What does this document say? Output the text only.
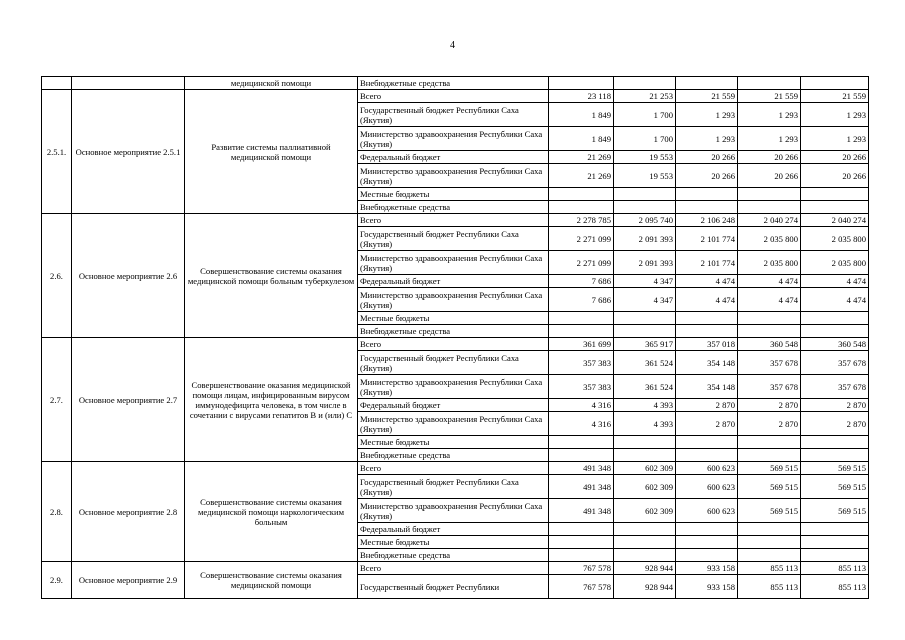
4
		медицинской помощи	Внебюджетные средства					
2.5.1.	Основное мероприятие 2.5.1	Развитие системы паллиативной медицинской помощи	Всего	23 118	21 253	21 559	21 559	21 559
			Государственный бюджет Республики Саха (Якутия)	1 849	1 700	1 293	1 293	1 293
			Министерство здравоохранения Республики Саха (Якутия)	1 849	1 700	1 293	1 293	1 293
			Федеральный бюджет	21 269	19 553	20 266	20 266	20 266
			Министерство здравоохранения Республики Саха (Якутия)	21 269	19 553	20 266	20 266	20 266
			Местные бюджеты					
			Внебюджетные средства					
2.6.	Основное мероприятие 2.6	Совершенствование системы оказания медицинской помощи больным туберкулезом	Всего	2 278 785	2 095 740	2 106 248	2 040 274	2 040 274
			Государственный бюджет Республики Саха (Якутия)	2 271 099	2 091 393	2 101 774	2 035 800	2 035 800
			Министерство здравоохранения Республики Саха (Якутия)	2 271 099	2 091 393	2 101 774	2 035 800	2 035 800
			Федеральный бюджет	7 686	4 347	4 474	4 474	4 474
			Министерство здравоохранения Республики Саха (Якутия)	7 686	4 347	4 474	4 474	4 474
			Местные бюджеты					
			Внебюджетные средства					
2.7.	Основное мероприятие 2.7	Совершенствование оказания медицинской помощи лицам, инфицированным вирусом иммунодефицита человека, в том числе в сочетании с вирусами гепатитов В и (или) С	Всего	361 699	365 917	357 018	360 548	360 548
			Государственный бюджет Республики Саха (Якутия)	357 383	361 524	354 148	357 678	357 678
			Министерство здравоохранения Республики Саха (Якутия)	357 383	361 524	354 148	357 678	357 678
			Федеральный бюджет	4 316	4 393	2 870	2 870	2 870
			Министерство здравоохранения Республики Саха (Якутия)	4 316	4 393	2 870	2 870	2 870
			Местные бюджеты					
			Внебюджетные средства					
2.8.	Основное мероприятие 2.8	Совершенствование системы оказания медицинской помощи наркологическим больным	Всего	491 348	602 309	600 623	569 515	569 515
			Государственный бюджет Республики Саха (Якутия)	491 348	602 309	600 623	569 515	569 515
			Министерство здравоохранения Республики Саха (Якутия)	491 348	602 309	600 623	569 515	569 515
			Федеральный бюджет					
			Местные бюджеты					
			Внебюджетные средства					
2.9.	Основное мероприятие 2.9	Совершенствование системы оказания медицинской помощи	Всего	767 578	928 944	933 158	855 113	855 113
			Государственный бюджет Республики	767 578	928 944	933 158	855 113	855 113
